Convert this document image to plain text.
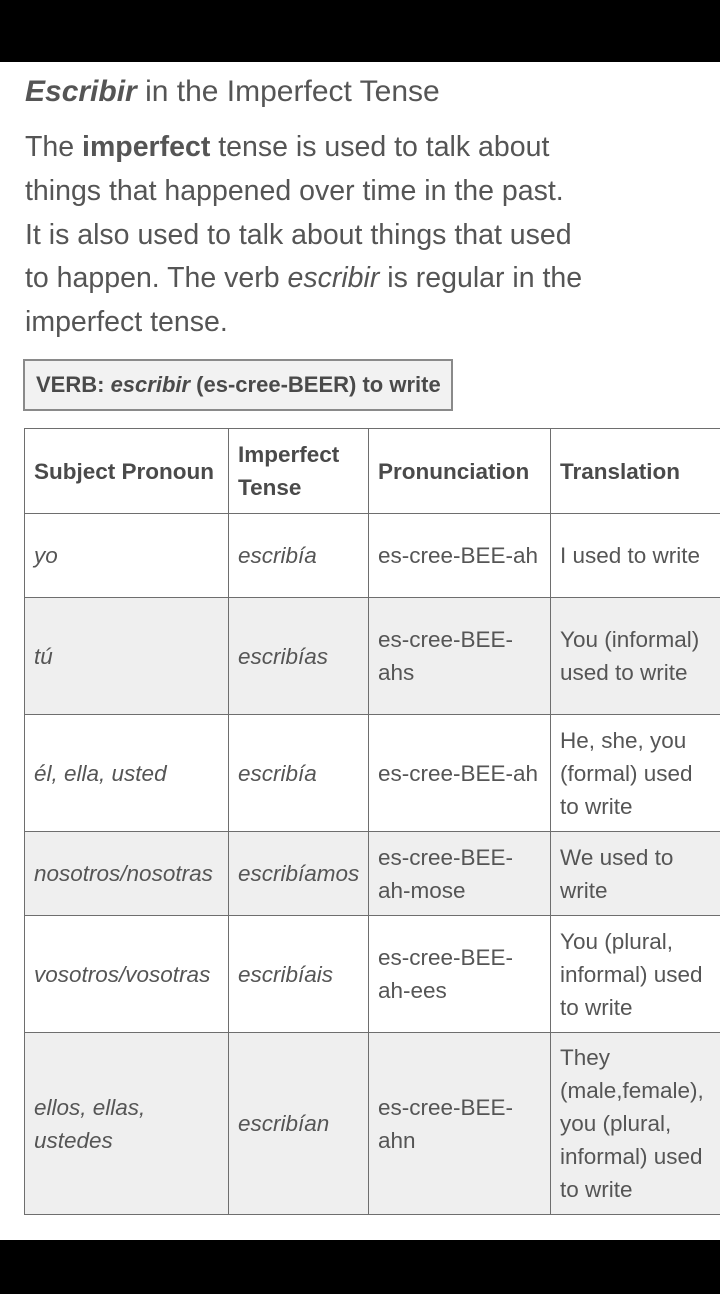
Escribir in the Imperfect Tense

The imperfect tense is used to talk about things that happened over time in the past. It is also used to talk about things that used to happen. The verb escribir is regular in the imperfect tense.

VERB: escribir (es-cree-BEER) to write
Subject Pronoun	Imperfect Tense	Pronunciation	Translation
yo	escribía	es-cree-BEE-ah	I used to write
tú	escribías	es-cree-BEE-ahs	You (informal) used to write
él, ella, usted	escribía	es-cree-BEE-ah	He, she, you (formal) used to write
nosotros/nosotras	escribíamos	es-cree-BEE-ah-mose	We used to write
vosotros/vosotras	escribíais	es-cree-BEE-ah-ees	You (plural, informal) used to write
ellos, ellas, ustedes	escribían	es-cree-BEE-ahn	They (male,female), you (plural, informal) used to write
